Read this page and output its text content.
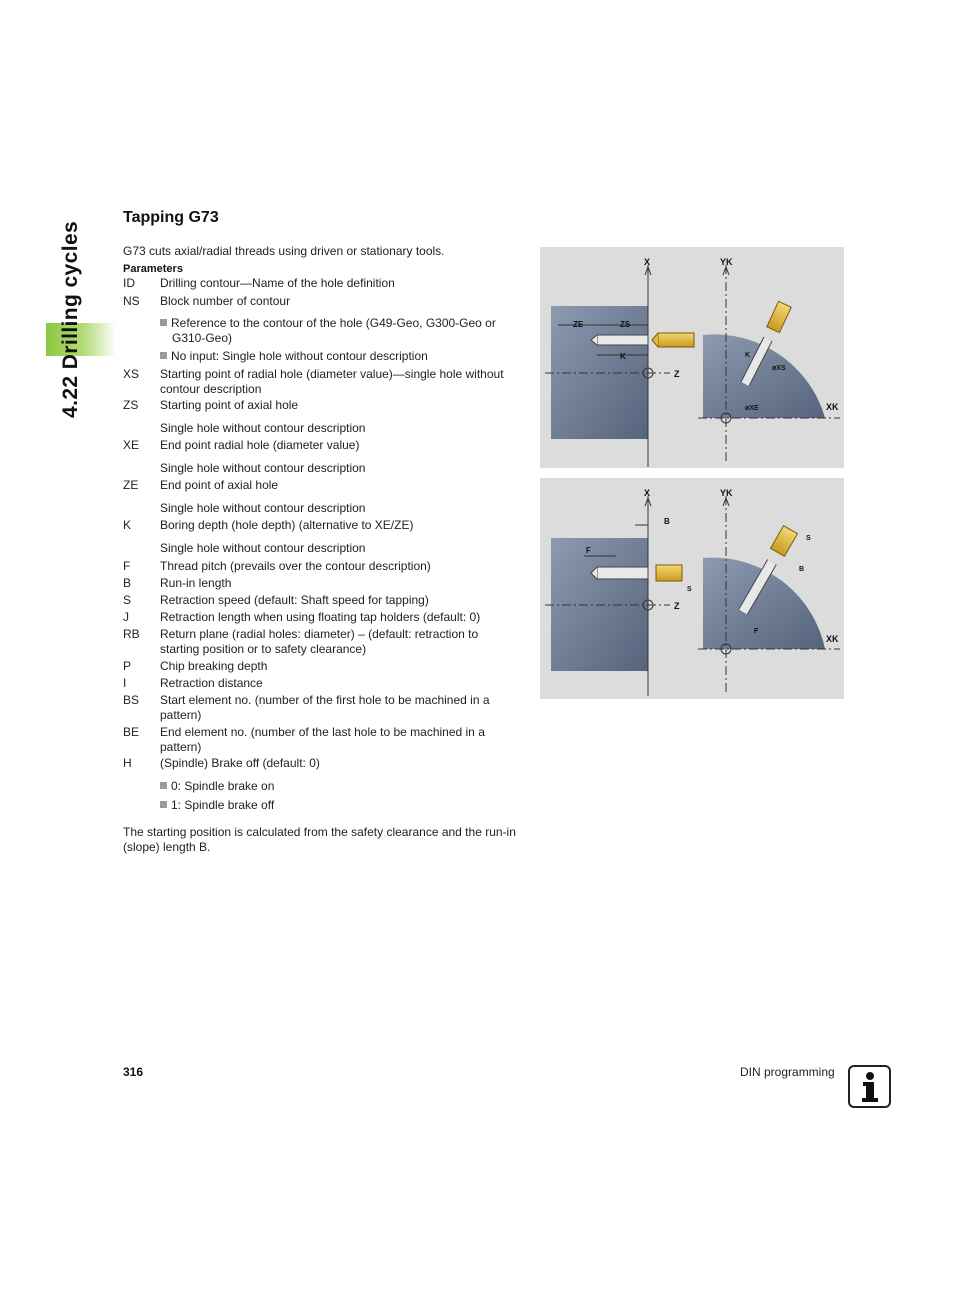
4.22 Drilling cycles
Tapping G73

G73 cuts axial/radial threads using driven or stationary tools.

Parameters

ID Drilling contour—Name of the hole definition
NS Block number of contour
Reference to the contour of the hole (G49-Geo, G300-Geo or
G310-Geo)
No input: Single hole without contour description
XS Starting point of radial hole (diameter value)—single hole without contour description
ZS Starting point of axial hole
Single hole without contour description
XE End point radial hole (diameter value)
Single hole without contour description
ZE End point of axial hole
Single hole without contour description
K Boring depth (hole depth) (alternative to XE/ZE)
Single hole without contour description
F Thread pitch (prevails over the contour description)
B Run-in length
S Retraction speed (default: Shaft speed for tapping)
J	Retraction length when using floating tap holders (default: 0)
RB Return plane (radial holes: diameter) – (default: retraction to starting position or to safety clearance)
P Chip breaking depth
I	Retraction distance
BS Start element no. (number of the first hole to be machined in a pattern)
BE End element no. (number of the last hole to be machined in a pattern)
H (Spindle) Brake off (default: 0)
0: Spindle brake on
1: Spindle brake off

The starting position is calculated from the safety clearance and the run-in (slope) length B.

ZE	ZS
K
X
Z
YK
XK
øXS
øXE
K
F
B
S
X
Z
YK
XK
B
F
S
316	DIN programming
